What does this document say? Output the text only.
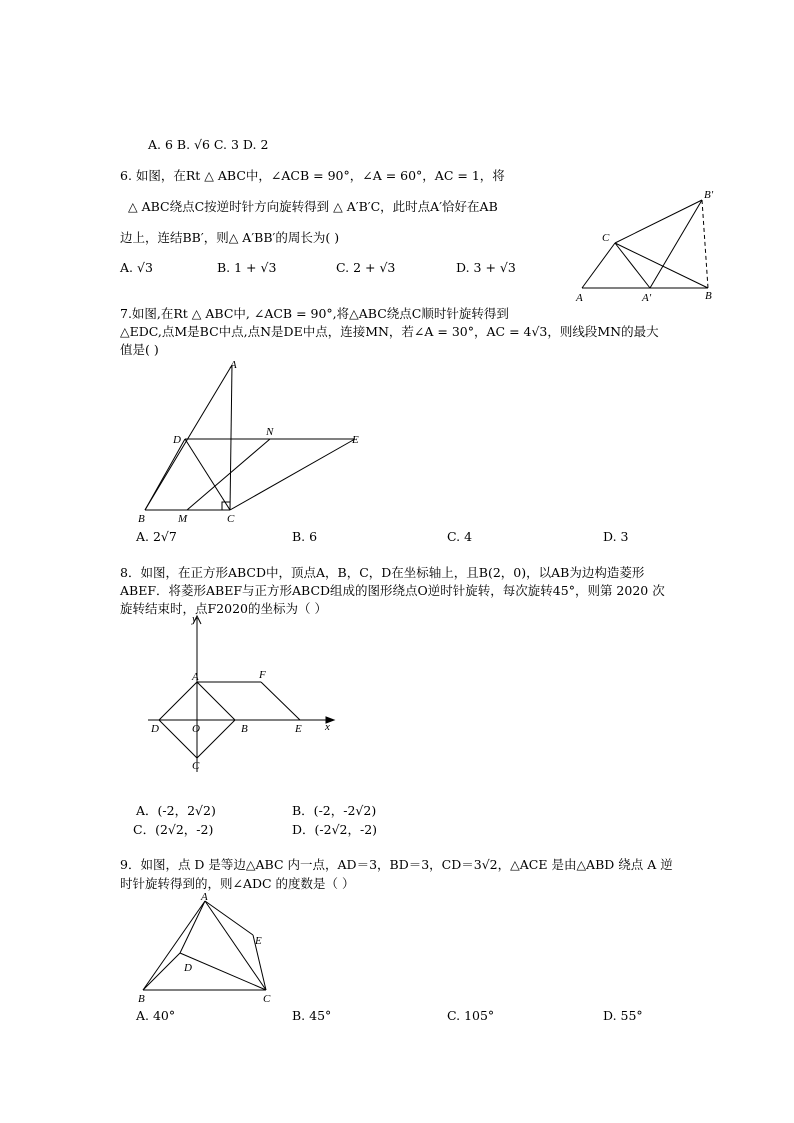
A. 6 B. √6 C. 3 D. 2
6. 如图，在Rt △ ABC中，∠ACB = 90°，∠A = 60°，AC = 1，将
△ ABC绕点C按逆时针方向旋转得到 △ A′B′C，此时点A′恰好在AB
边上，连结BB′，则△ A′BB′的周长为( )
A. √3	B. 1 + √3	C. 2 + √3	D. 3 + √3
B′
C
A	A′	B
7.如图,在Rt △ ABC中, ∠ACB = 90°,将△ABC绕点C顺时针旋转得到
△EDC,点M是BC中点,点N是DE中点，连接MN，若∠A = 30°，AC = 4√3，则线段MN的最大
值是( )
A
D
N
E
B	M	C
A. 2√7	B. 6	C. 4	D. 3
8．如图，在正方形ABCD中，顶点A，B，C，D在坐标轴上，且B(2，0)，以AB为边构造菱形
ABEF．将菱形ABEF与正方形ABCD组成的图形绕点O逆时针旋转，每次旋转45°，则第 2020 次
旋转结束时，点F2020的坐标为（ ）
y
x
A	F
D	O	B	E
C
A．(-2，2√2)	B．(-2，-2√2)
C．(2√2，-2)	D．(-2√2，-2)
9．如图，点 D 是等边△ABC 内一点，AD＝3，BD＝3，CD＝3√2，△ACE 是由△ABD 绕点 A 逆
时针旋转得到的，则∠ADC 的度数是（ ）
A
E
D
B	C
A. 40°	B. 45°	C. 105°	D. 55°
